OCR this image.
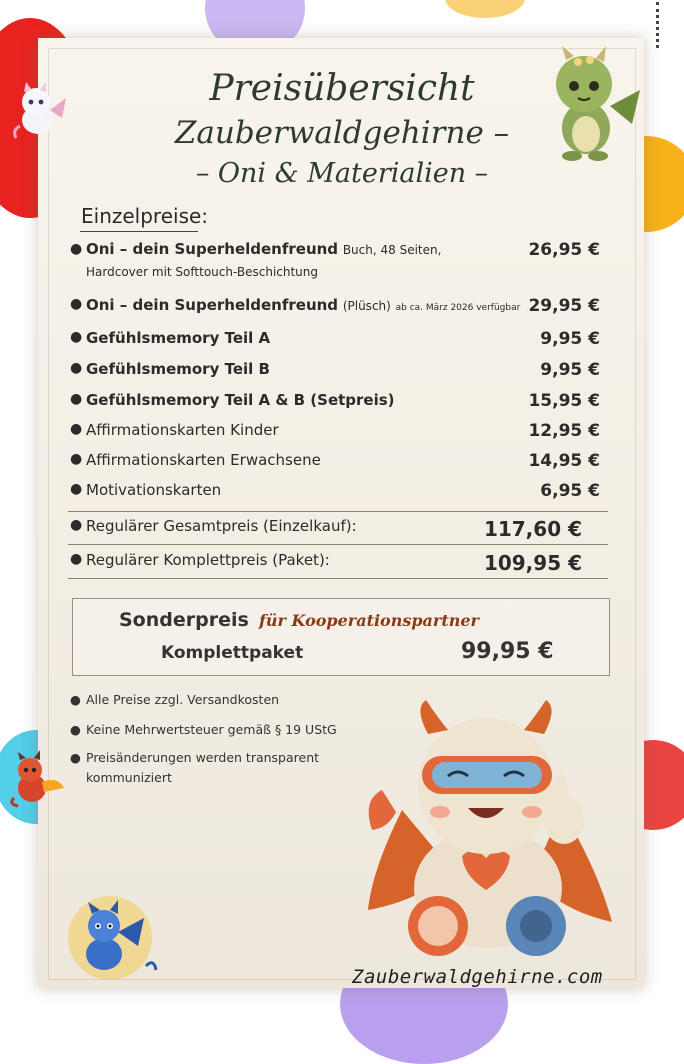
Preisübersicht
Zauberwaldgehirne –
– Oni & Materialien –
Einzelpreise:
● Oni – dein Superheldenfreund Buch, 48 Seiten,
Hardcover mit Softtouch-Beschichtung
26,95 €
● Oni – dein Superheldenfreund (Plüsch) ab ca. März 2026 verfügbar 29,95 €
● Gefühlsmemory Teil A	9,95 €
● Gefühlsmemory Teil B	9,95 €
● Gefühlsmemory Teil A & B (Setpreis)	15,95 €
● Affirmationskarten Kinder	12,95 €
● Affirmationskarten Erwachsene	14,95 €
● Motivationskarten	6,95 €
● Regulärer Gesamtpreis (Einzelkauf):	117,60 €
● Regulärer Komplettpreis (Paket):	109,95 €
Sonderpreis für Kooperationspartner
Komplettpaket	99,95 €
● Alle Preise zzgl. Versandkosten
● Keine Mehrwertsteuer gemäß § 19 UStG
● Preisänderungen werden transparent kommuniziert
Zauberwaldgehirne.com
